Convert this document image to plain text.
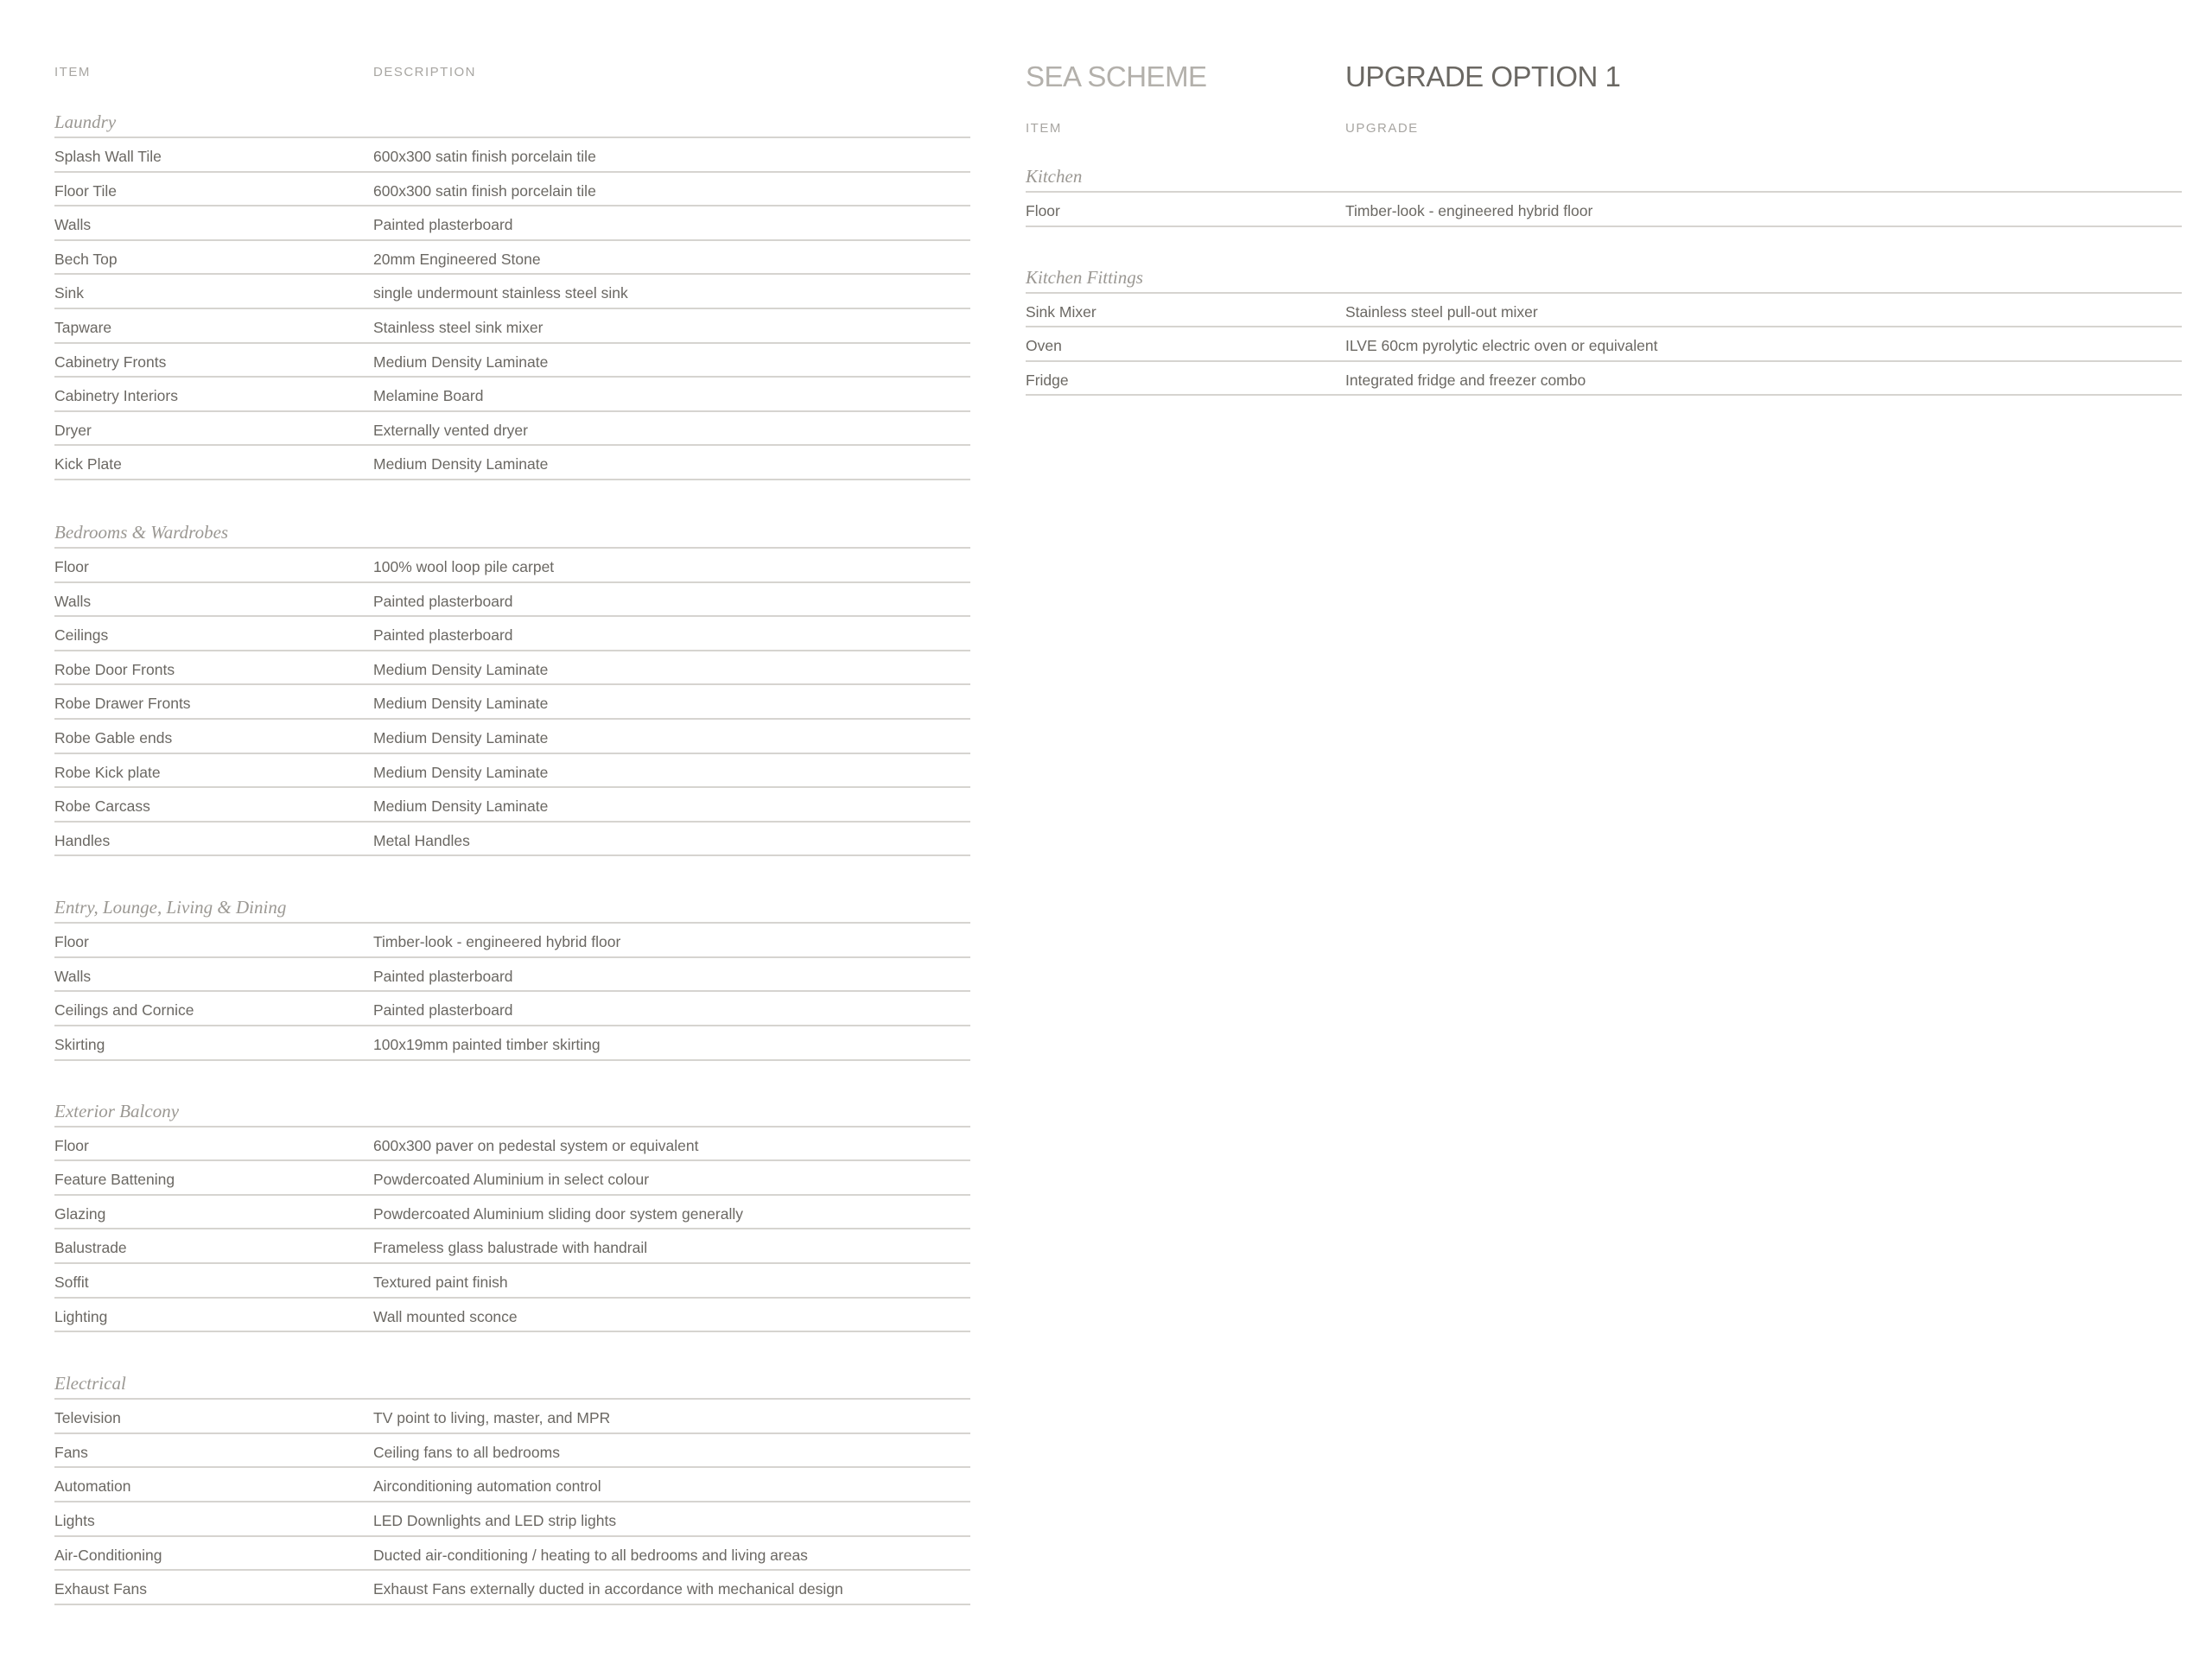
ITEM	DESCRIPTION
Laundry
Splash Wall Tile	600x300 satin finish porcelain tile
Floor Tile	600x300 satin finish porcelain tile
Walls	Painted plasterboard
Bech Top	20mm Engineered Stone
Sink	single undermount stainless steel sink
Tapware	Stainless steel sink mixer
Cabinetry Fronts	Medium Density Laminate
Cabinetry Interiors	Melamine Board
Dryer	Externally vented dryer
Kick Plate	Medium Density Laminate
Bedrooms & Wardrobes
Floor	100% wool loop pile carpet
Walls	Painted plasterboard
Ceilings	Painted plasterboard
Robe Door Fronts	Medium Density Laminate
Robe Drawer Fronts	Medium Density Laminate
Robe Gable ends	Medium Density Laminate
Robe Kick plate	Medium Density Laminate
Robe Carcass	Medium Density Laminate
Handles	Metal Handles
Entry, Lounge, Living & Dining
Floor	Timber-look - engineered hybrid floor
Walls	Painted plasterboard
Ceilings and Cornice	Painted plasterboard
Skirting	100x19mm painted timber skirting
Exterior Balcony
Floor	600x300 paver on pedestal system or equivalent
Feature Battening	Powdercoated Aluminium in select colour
Glazing	Powdercoated Aluminium sliding door system generally
Balustrade	Frameless glass balustrade with handrail
Soffit	Textured paint finish
Lighting	Wall mounted sconce
Electrical
Television	TV point to living, master, and MPR
Fans	Ceiling fans to all bedrooms
Automation	Airconditioning automation control
Lights	LED Downlights and LED strip lights
Air-Conditioning	Ducted air-conditioning / heating to all bedrooms and living areas
Exhaust Fans	Exhaust Fans externally ducted in accordance with mechanical design
SEA SCHEME	UPGRADE OPTION 1
ITEM	UPGRADE
Kitchen
Floor	Timber-look - engineered hybrid floor
Kitchen Fittings
Sink Mixer	Stainless steel pull-out mixer
Oven	ILVE 60cm pyrolytic electric oven or equivalent
Fridge	Integrated fridge and freezer combo
